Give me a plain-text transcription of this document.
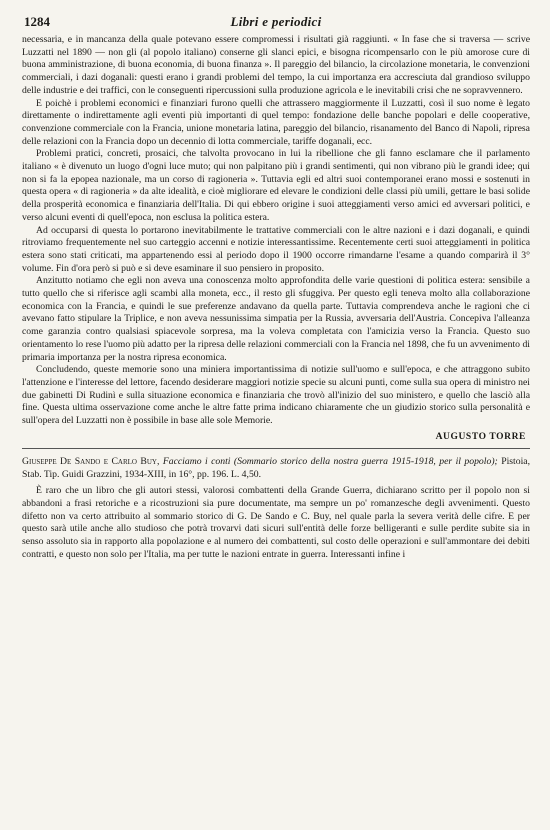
1284	Libri e periodici

necessaria, e in mancanza della quale potevano essere compromessi i risultati già raggiunti. « In fase che si traversa — scrive Luzzatti nel 1890 — non gli (al popolo italiano) conserne gli slanci epici, e bisogna ricompensarlo con le più amorose cure di buona amministrazione, di buona economia, di buona finanza ». Il pareggio del bilancio, la circolazione monetaria, le convenzioni commerciali, i dazi doganali: questi erano i grandi problemi del tempo, la cui importanza era accresciuta dal grandioso sviluppo delle industrie e dei traffici, con le conseguenti ripercussioni sulla produzione agricola e le inevitabili crisi che ne sopravvennero.

E poichè i problemi economici e finanziari furono quelli che attrassero maggiormente il Luzzatti, così il suo nome è legato direttamente o indirettamente agli eventi più importanti di quel tempo: fondazione delle banche popolari e delle cooperative, convenzione commerciale con la Francia, unione monetaria latina, pareggio del bilancio, risanamento del Banco di Napoli, ripresa delle relazioni con la Francia dopo un decennio di lotta commerciale, tariffe doganali, ecc.

Problemi pratici, concreti, prosaici, che talvolta provocano in lui la ribellione che gli fanno esclamare che il parlamento italiano « è divenuto un luogo d'ogni luce muto; qui non palpitano più i grandi sentimenti, qui non vibrano più le grandi idee; qui non si fa la epopea nazionale, ma un corso di ragioneria ». Tuttavia egli ed altri suoi contemporanei erano mossi e sostenuti in questa opera « di ragioneria » da alte idealità, e cioè migliorare ed elevare le condizioni delle classi più umili, gettare le basi solide della prosperità economica e finanziaria dell'Italia. Di qui ebbero origine i suoi atteggiamenti verso amici ed avversari politici, e verso alcuni eventi di quell'epoca, non esclusa la politica estera.

Ad occuparsi di questa lo portarono inevitabilmente le trattative commerciali con le altre nazioni e i dazi doganali, e quindi ritroviamo frequentemente nel suo carteggio accenni e notizie interessantissime. Recentemente certi suoi atteggiamenti in politica estera sono stati criticati, ma appartenendo essi al periodo dopo il 1900 occorre rimandarne l'esame a quando comparirà il 3° volume. Fin d'ora però si può e si deve esaminare il suo pensiero in proposito.

Anzitutto notiamo che egli non aveva una conoscenza molto approfondita delle varie questioni di politica estera: sensibile a tutto quello che si riferisce agli scambi alla moneta, ecc., il resto gli sfuggiva. Per questo egli teneva molto alla collaborazione economica con la Francia, e quindi le sue preferenze andavano da quella parte. Tuttavia comprendeva anche le ragioni che ci avevano fatto stipulare la Triplice, e non aveva nessunissima simpatia per la Russia, avversaria dell'Austria. Concepiva l'alleanza come garanzia contro qualsiasi spiacevole sorpresa, ma la voleva completata con l'amicizia verso la Francia. Questo suo orientamento lo rese l'uomo più adatto per la ripresa delle relazioni commerciali con la Francia nel 1898, che fu un avvenimento di primaria importanza per la nostra ripresa economica.

Concludendo, queste memorie sono una miniera importantissima di notizie sull'uomo e sull'epoca, e che attraggono subito l'attenzione e l'interesse del lettore, facendo desiderare maggiori notizie specie su alcuni punti, come sulla sua opera di ministro nei due gabinetti Di Rudinì e sulla situazione economica e finanziaria che trovò all'inizio del suo ministero, e quello che lasciò alla fine. Questa ultima osservazione come anche le altre fatte prima indicano chiaramente che un giudizio storico sulla personalità e sull'opera del Luzzatti non è possibile in base alle sole Memorie.

AUGUSTO TORRE
Giuseppe De Sando e Carlo Buy, Facciamo i conti (Sommario storico della nostra guerra 1915-1918, per il popolo); Pistoia, Stab. Tip. Guidi Grazzini, 1934-XIII, in 16°, pp. 196. L. 4,50.

È raro che un libro che gli autori stessi, valorosi combattenti della Grande Guerra, dichiarano scritto per il popolo non si abbandoni a frasi retoriche e a ricostruzioni sia pure documentate, ma sempre un po' romanzesche degli avvenimenti. Questo difetto non va certo attribuito al sommario storico di G. De Sando e C. Buy, nel quale parla la severa verità delle cifre. E per questo sarà utile anche allo studioso che potrà trovarvi dati sicuri sull'entità delle forze belligeranti e sulle perdite subite sia in senso assoluto sia in rapporto alla popolazione e al numero dei combattenti, sul costo delle operazioni e sull'ammontare dei debiti contratti, e questo non solo per l'Italia, ma per tutte le nazioni entrate in guerra. Interessanti infine i
